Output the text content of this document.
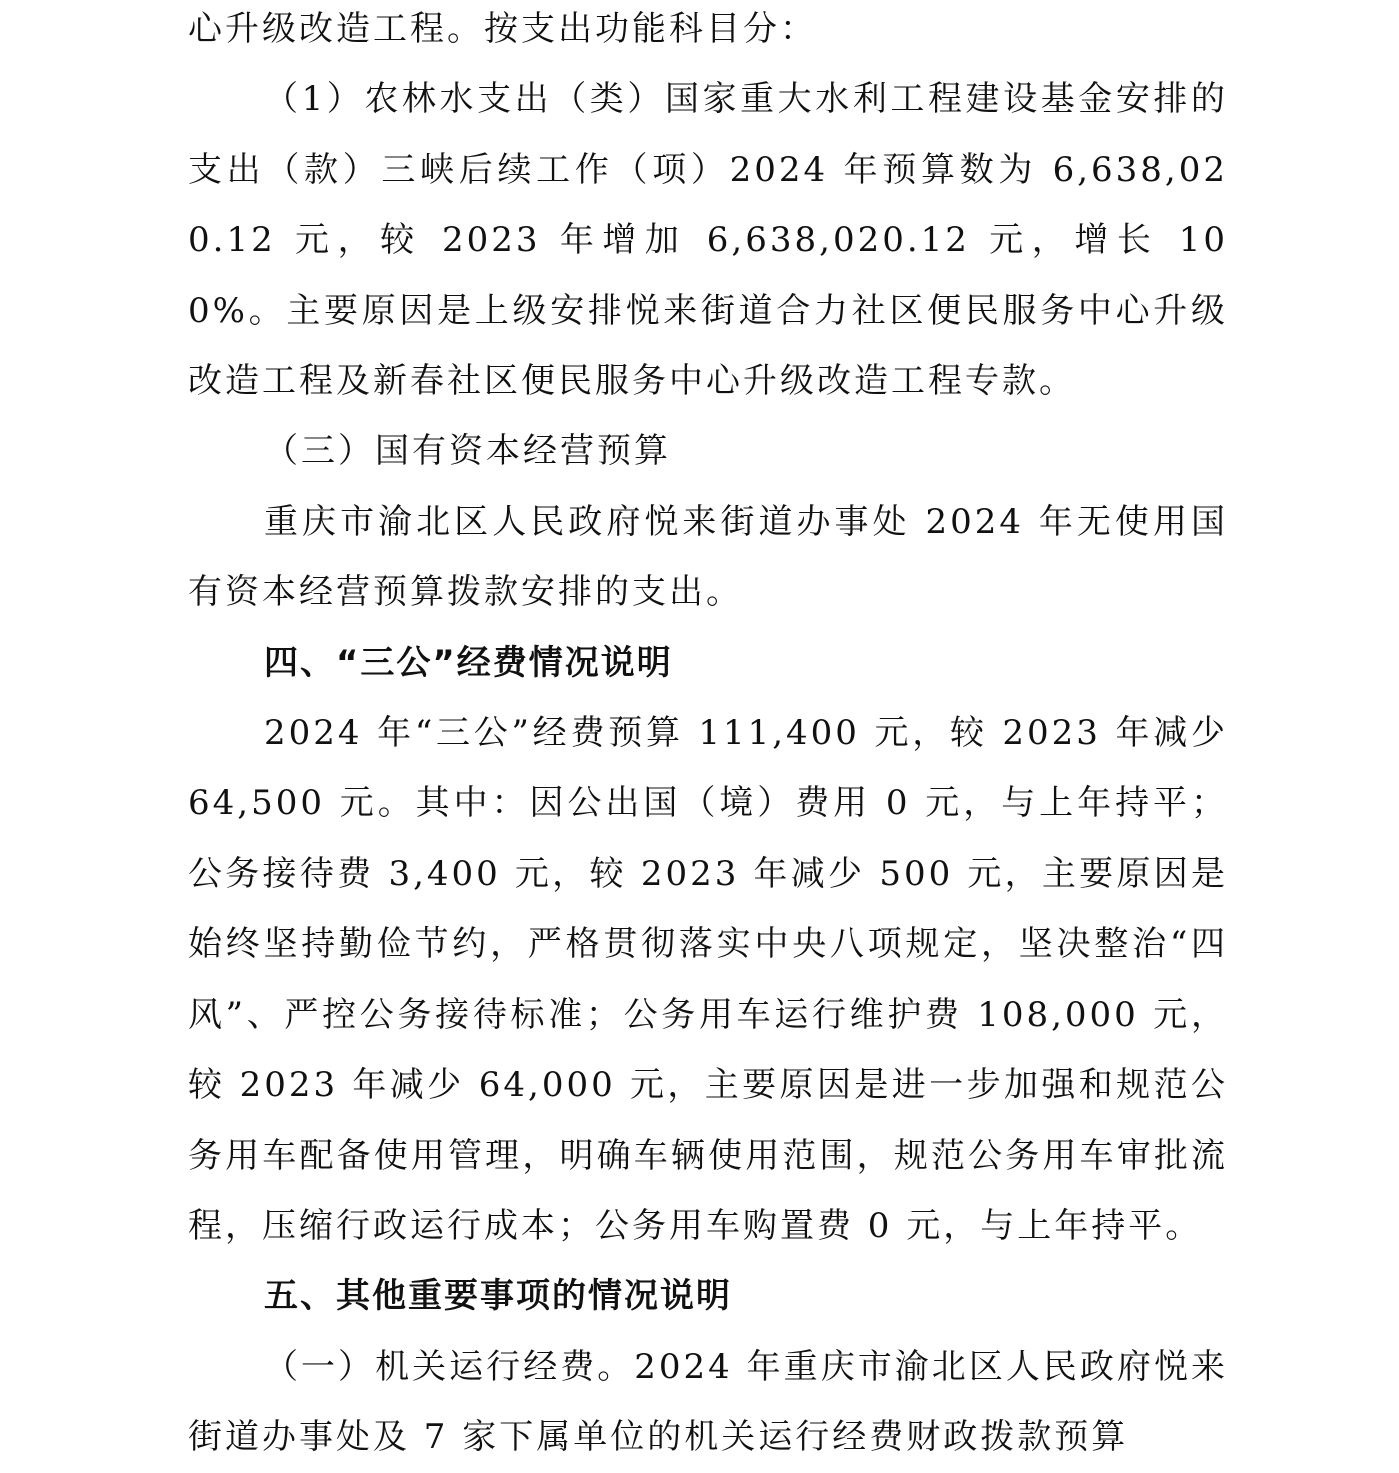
心升级改造工程。按支出功能科目分：

（1）农林水支出（类）国家重大水利工程建设基金安排的支出（款）三峡后续工作（项）2024 年预算数为 6,638,020.12 元，较 2023 年增加 6,638,020.12 元，增长 100%。主要原因是上级安排悦来街道合力社区便民服务中心升级改造工程及新春社区便民服务中心升级改造工程专款。

（三）国有资本经营预算

重庆市渝北区人民政府悦来街道办事处 2024 年无使用国有资本经营预算拨款安排的支出。

四、“三公”经费情况说明

2024 年“三公”经费预算 111,400 元，较 2023 年减少 64,500 元。其中：因公出国（境）费用 0 元，与上年持平；公务接待费 3,400 元，较 2023 年减少 500 元，主要原因是始终坚持勤俭节约，严格贯彻落实中央八项规定，坚决整治“四风”、严控公务接待标准；公务用车运行维护费 108,000 元，较 2023 年减少 64,000 元，主要原因是进一步加强和规范公务用车配备使用管理，明确车辆使用范围，规范公务用车审批流程，压缩行政运行成本；公务用车购置费 0 元，与上年持平。

五、其他重要事项的情况说明

（一）机关运行经费。2024 年重庆市渝北区人民政府悦来街道办事处及 7 家下属单位的机关运行经费财政拨款预算
